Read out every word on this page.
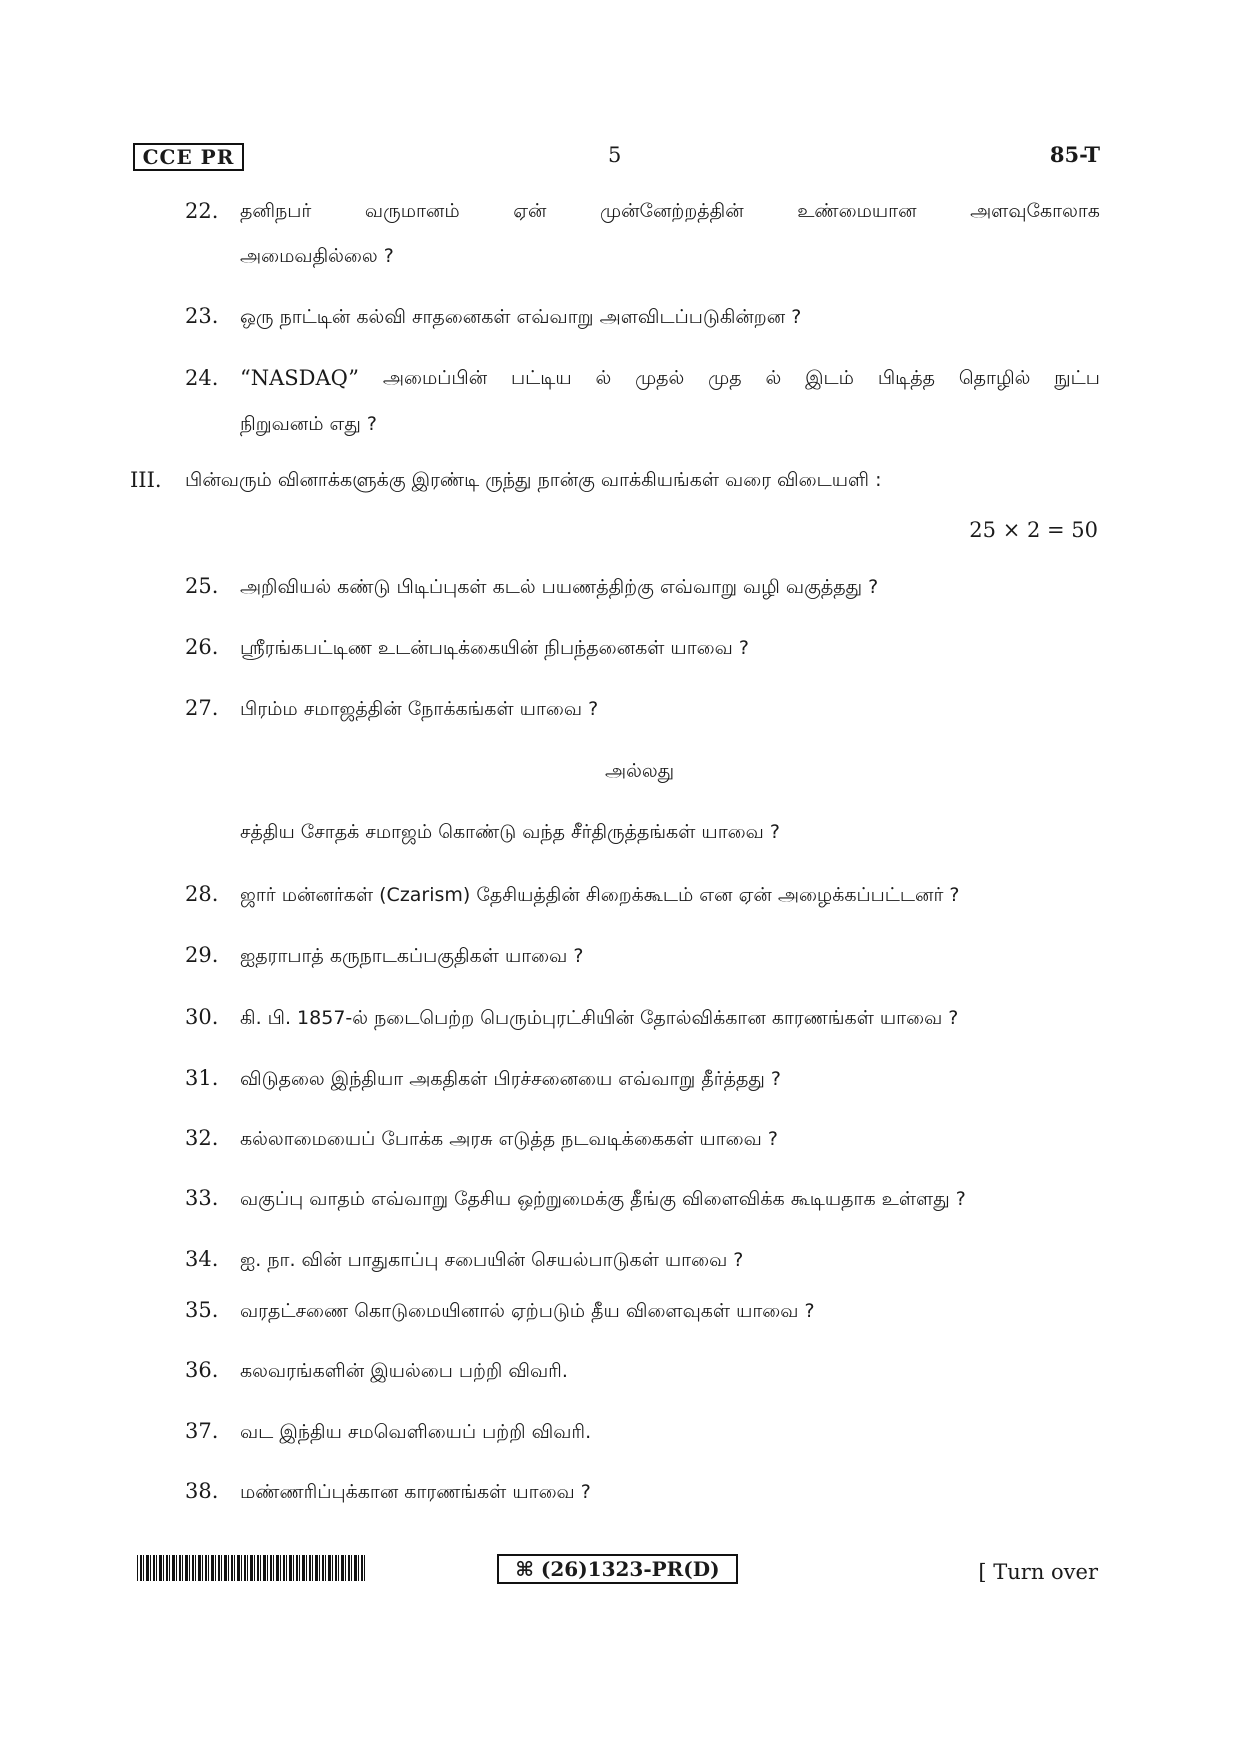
CCE PR	5	85-T
22.	தனிநபர்	வருமானம்	ஏன்	முன்னேற்றத்தின்	உண்மையான	அளவுகோலாக
அமைவதில்லை ?
23. ஒரு நாட்டின் கல்வி சாதனைகள் எவ்வாறு அளவிடப்படுகின்றன ?
24.	“NASDAQ” அமைப்பின் பட்டிய ல் முதல் முத ல் இடம் பிடித்த தொழில் நுட்ப
நிறுவனம் எது ?
III. பின்வரும் வினாக்களுக்கு இரண்டி ருந்து நான்கு வாக்கியங்கள் வரை விடையளி :
25 × 2 = 50
25. அறிவியல் கண்டு பிடிப்புகள் கடல் பயணத்திற்கு எவ்வாறு வழி வகுத்தது ?
26. ஸ்ரீரங்கபட்டிண உடன்படிக்கையின் நிபந்தனைகள் யாவை ?
27. பிரம்ம சமாஜத்தின் நோக்கங்கள் யாவை ?
அல்லது
சத்திய சோதக் சமாஜம் கொண்டு வந்த சீர்திருத்தங்கள் யாவை ?
28. ஜார் மன்னர்கள் (Czarism) தேசியத்தின் சிறைக்கூடம் என ஏன் அழைக்கப்பட்டனர் ?
29. ஐதராபாத் கருநாடகப்பகுதிகள் யாவை ?
30. கி. பி. 1857-ல் நடைபெற்ற பெரும்புரட்சியின் தோல்விக்கான காரணங்கள் யாவை ?
31. விடுதலை இந்தியா அகதிகள் பிரச்சனையை எவ்வாறு தீர்த்தது ?
32. கல்லாமையைப் போக்க அரசு எடுத்த நடவடிக்கைகள் யாவை ?
33. வகுப்பு வாதம் எவ்வாறு தேசிய ஒற்றுமைக்கு தீங்கு விளைவிக்க கூடியதாக உள்ளது ?
34. ஐ. நா. வின் பாதுகாப்பு சபையின் செயல்பாடுகள் யாவை ?
35. வரதட்சணை கொடுமையினால் ஏற்படும் தீய விளைவுகள் யாவை ?
36. கலவரங்களின் இயல்பை பற்றி விவரி.
37. வட இந்திய சமவெளியைப் பற்றி விவரி.
38. மண்ணரிப்புக்கான காரணங்கள் யாவை ?
⌘ (26)1323-PR(D)	[ Turn over
